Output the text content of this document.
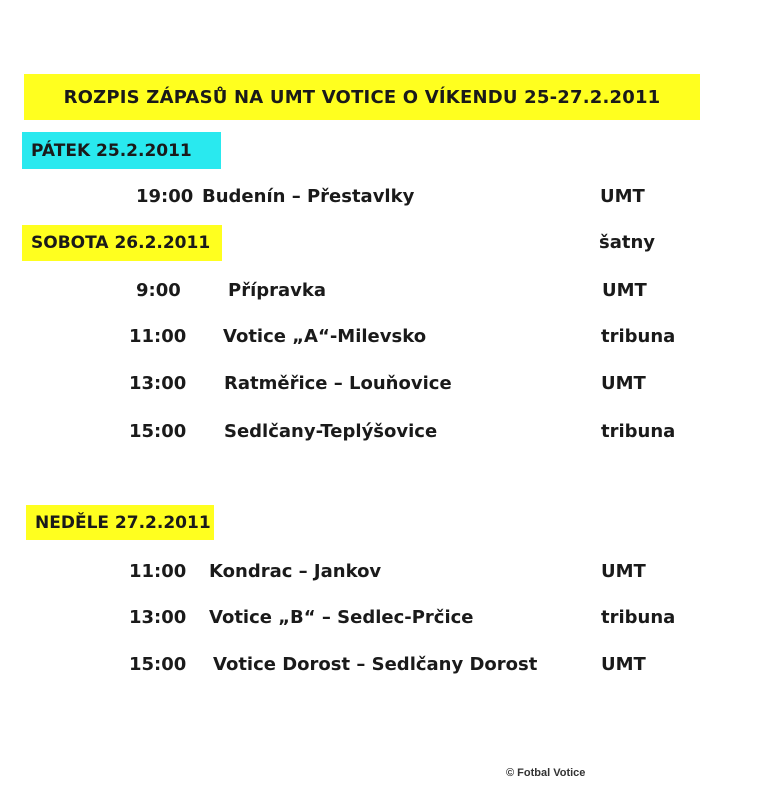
ROZPIS ZÁPASŮ NA UMT VOTICE O VÍKENDU 25-27.2.2011
PÁTEK 25.2.2011
19:00 Budenín – Přestavlky	UMT
SOBOTA 26.2.2011	šatny
9:00	Přípravka	UMT
11:00 Votice „A“-Milevsko	tribuna
13:00 Ratměřice – Louňovice	UMT
15:00 Sedlčany-Teplýšovice	tribuna
NEDĚLE 27.2.2011
11:00 Kondrac – Jankov	UMT
13:00 Votice „B“ – Sedlec-Prčice	tribuna
15:00 Votice Dorost – Sedlčany Dorost	UMT
© Fotbal Votice
